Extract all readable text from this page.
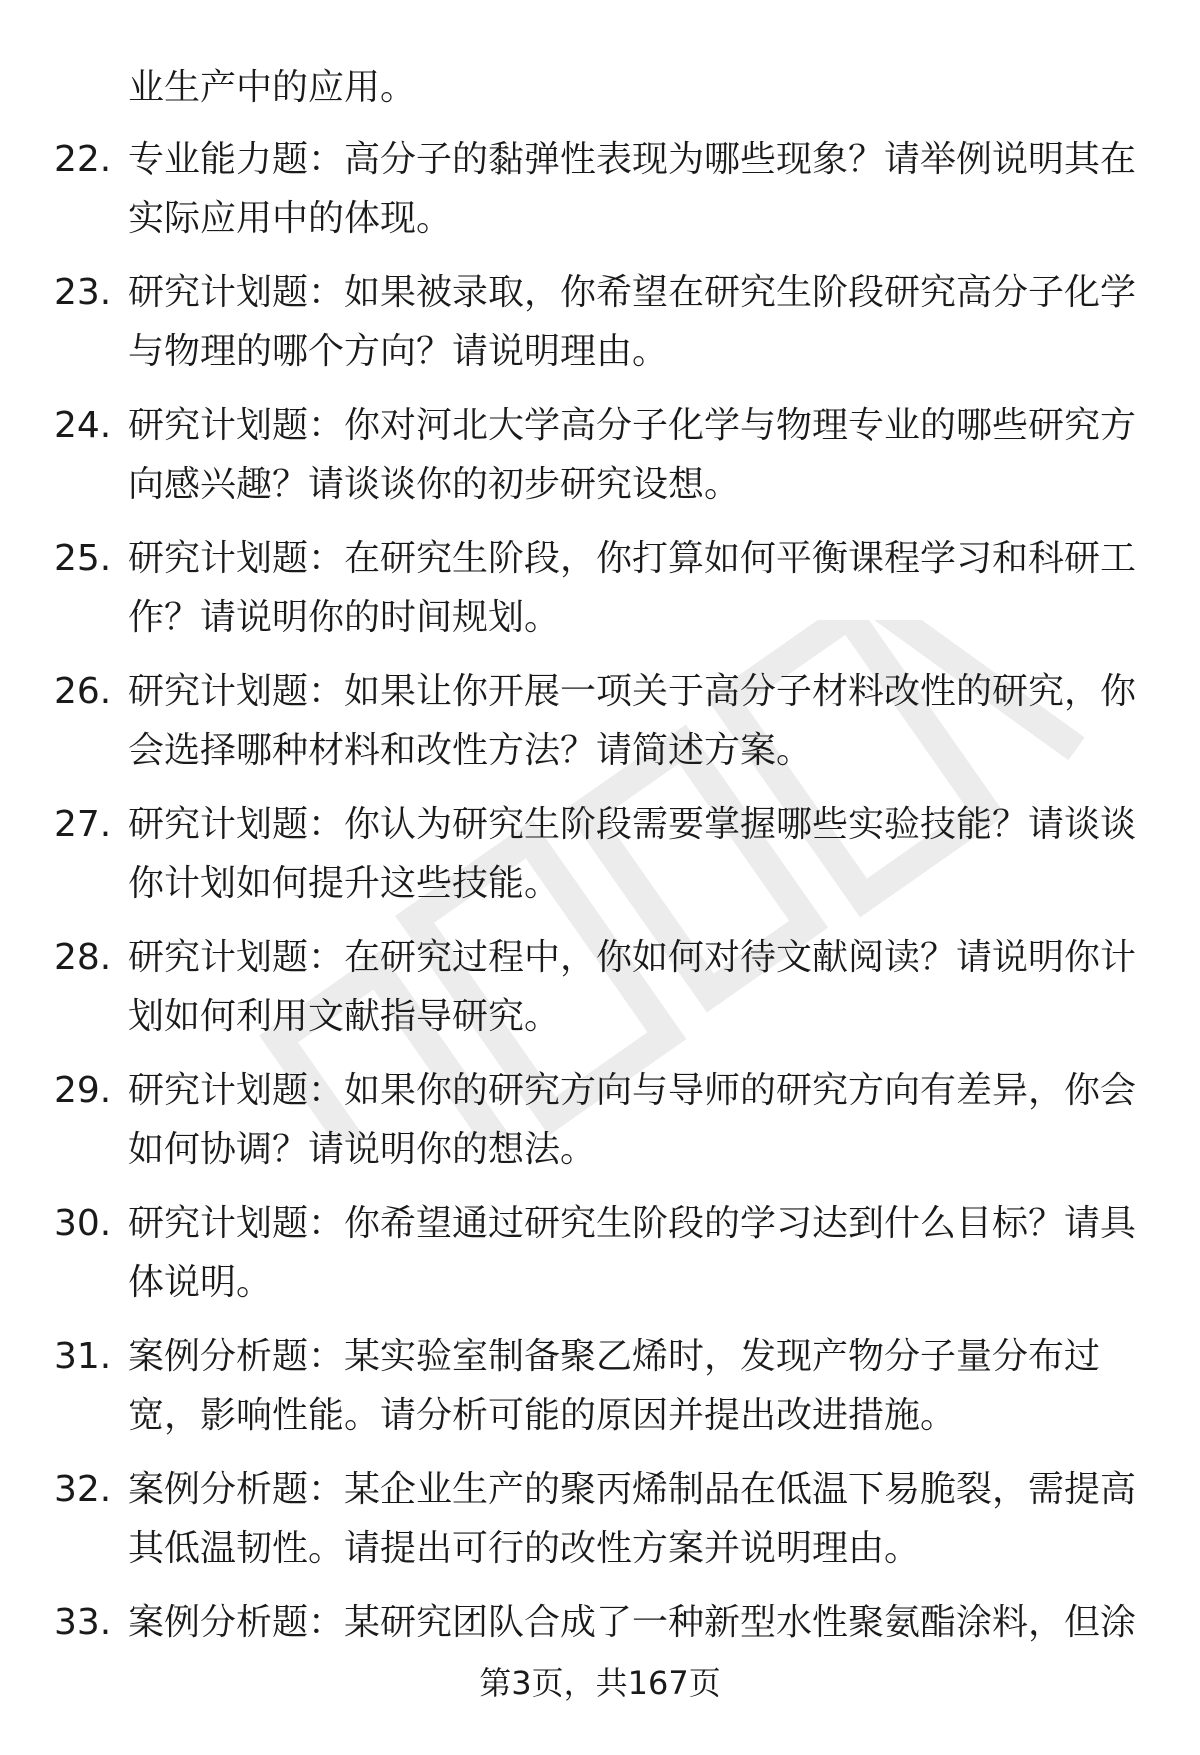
业生产中的应用。
22. 专业能力题：高分子的黏弹性表现为哪些现象？请举例说明其在
实际应用中的体现。
23. 研究计划题：如果被录取，你希望在研究生阶段研究高分子化学
与物理的哪个方向？请说明理由。
24. 研究计划题：你对河北大学高分子化学与物理专业的哪些研究方
向感兴趣？请谈谈你的初步研究设想。
25. 研究计划题：在研究生阶段，你打算如何平衡课程学习和科研工
作？请说明你的时间规划。
26. 研究计划题：如果让你开展一项关于高分子材料改性的研究，你
会选择哪种材料和改性方法？请简述方案。
27. 研究计划题：你认为研究生阶段需要掌握哪些实验技能？请谈谈
你计划如何提升这些技能。
28. 研究计划题：在研究过程中，你如何对待文献阅读？请说明你计
划如何利用文献指导研究。
29. 研究计划题：如果你的研究方向与导师的研究方向有差异，你会
如何协调？请说明你的想法。
30. 研究计划题：你希望通过研究生阶段的学习达到什么目标？请具
体说明。
31. 案例分析题：某实验室制备聚乙烯时，发现产物分子量分布过
宽，影响性能。请分析可能的原因并提出改进措施。
32. 案例分析题：某企业生产的聚丙烯制品在低温下易脆裂，需提高
其低温韧性。请提出可行的改性方案并说明理由。
33. 案例分析题：某研究团队合成了一种新型水性聚氨酯涂料，但涂
第3页，共167页
